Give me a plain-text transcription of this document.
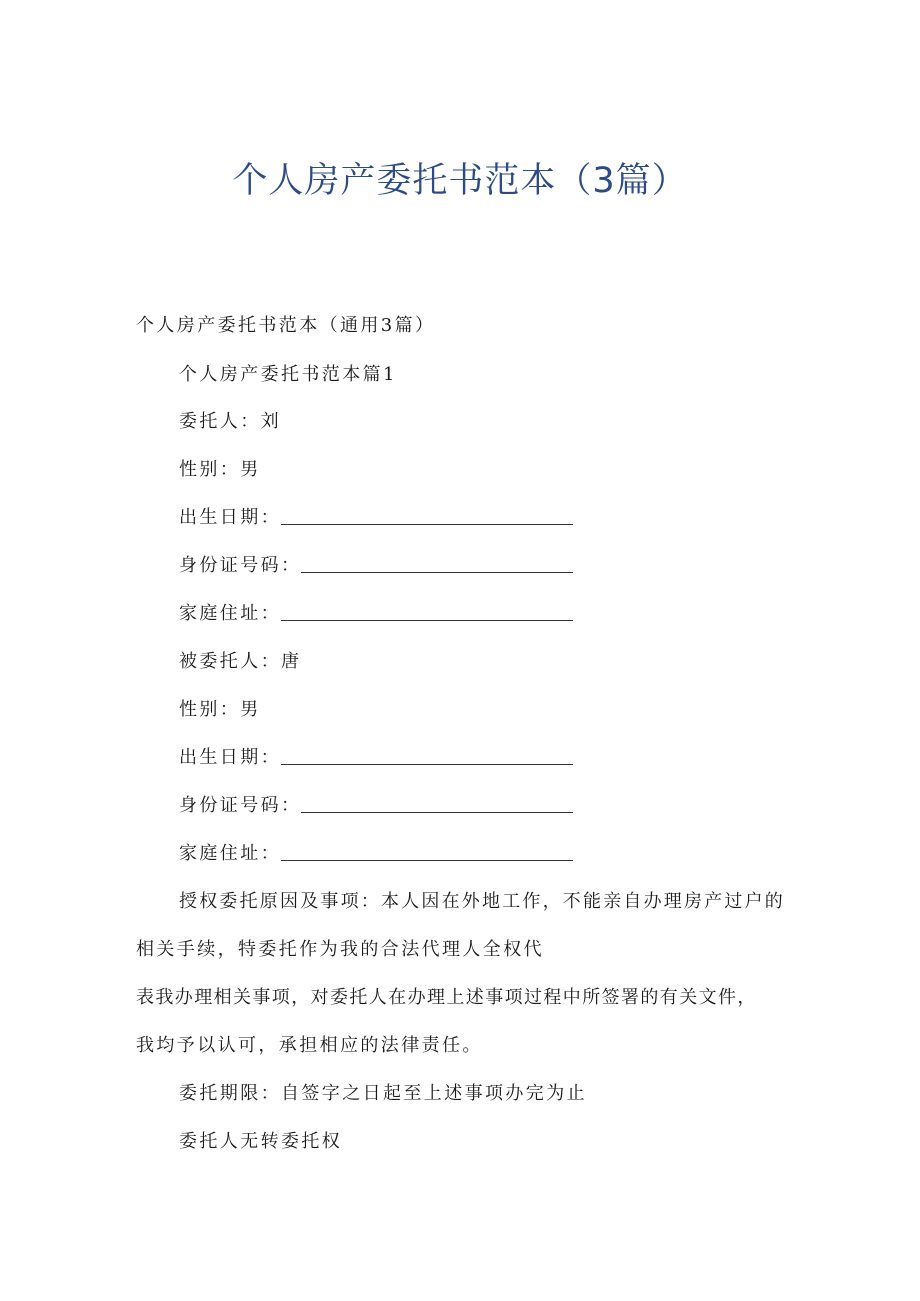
个人房产委托书范本（3篇）
个人房产委托书范本（通用3篇）
个人房产委托书范本篇1
委托人：刘
性别：男
出生日期：
身份证号码：
家庭住址：
被委托人：唐
性别：男
出生日期：
身份证号码：
家庭住址：
授权委托原因及事项：本人因在外地工作，不能亲自办理房产过户的
相关手续，特委托作为我的合法代理人全权代
表我办理相关事项，对委托人在办理上述事项过程中所签署的有关文件，
我均予以认可，承担相应的法律责任。
委托期限：自签字之日起至上述事项办完为止
委托人无转委托权
